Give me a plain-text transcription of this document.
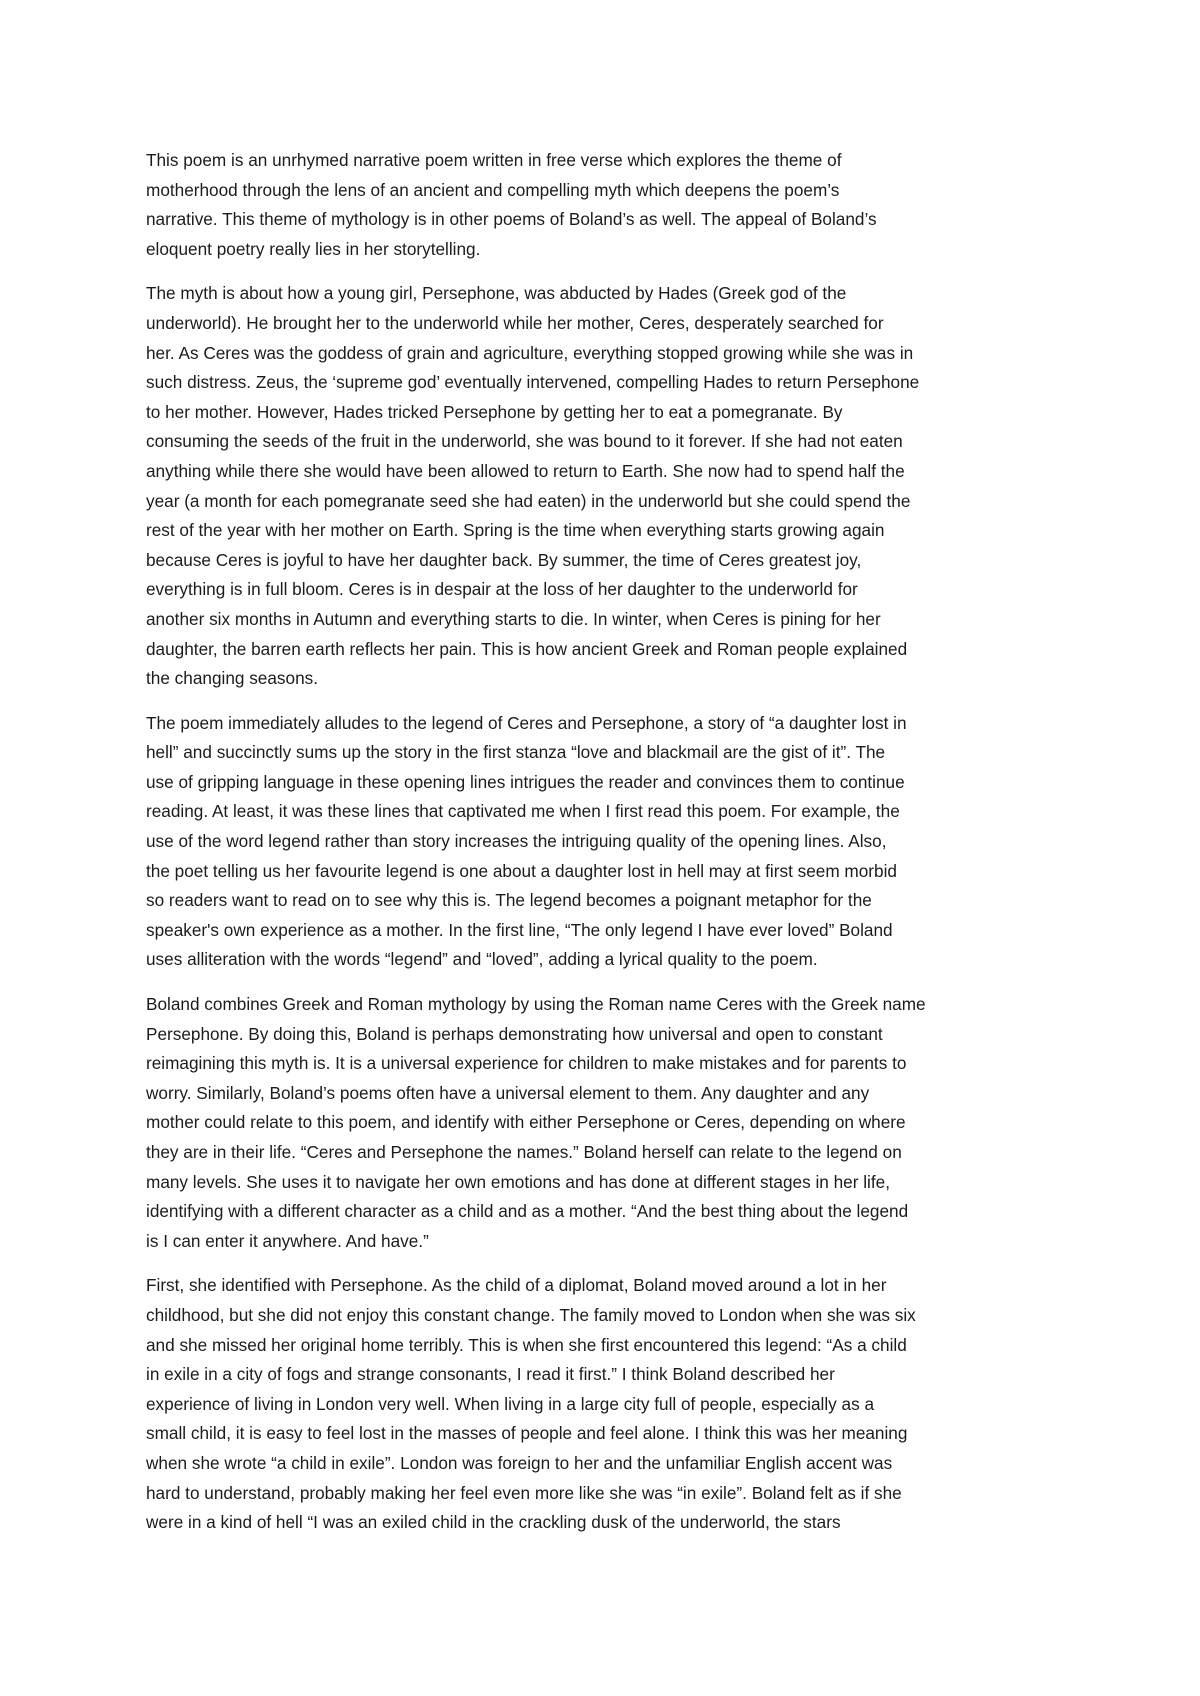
This poem is an unrhymed narrative poem written in free verse which explores the theme of
motherhood through the lens of an ancient and compelling myth which deepens the poem’s
narrative. This theme of mythology is in other poems of Boland’s as well. The appeal of Boland’s
eloquent poetry really lies in her storytelling.
The myth is about how a young girl, Persephone, was abducted by Hades (Greek god of the
underworld). He brought her to the underworld while her mother, Ceres, desperately searched for
her. As Ceres was the goddess of grain and agriculture, everything stopped growing while she was in
such distress. Zeus, the ‘supreme god’ eventually intervened, compelling Hades to return Persephone
to her mother. However, Hades tricked Persephone by getting her to eat a pomegranate. By
consuming the seeds of the fruit in the underworld, she was bound to it forever. If she had not eaten
anything while there she would have been allowed to return to Earth. She now had to spend half the
year (a month for each pomegranate seed she had eaten) in the underworld but she could spend the
rest of the year with her mother on Earth. Spring is the time when everything starts growing again
because Ceres is joyful to have her daughter back. By summer, the time of Ceres greatest joy,
everything is in full bloom. Ceres is in despair at the loss of her daughter to the underworld for
another six months in Autumn and everything starts to die. In winter, when Ceres is pining for her
daughter, the barren earth reflects her pain. This is how ancient Greek and Roman people explained
the changing seasons.
The poem immediately alludes to the legend of Ceres and Persephone, a story of “a daughter lost in
hell” and succinctly sums up the story in the first stanza “love and blackmail are the gist of it”. The
use of gripping language in these opening lines intrigues the reader and convinces them to continue
reading. At least, it was these lines that captivated me when I first read this poem. For example, the
use of the word legend rather than story increases the intriguing quality of the opening lines. Also,
the poet telling us her favourite legend is one about a daughter lost in hell may at first seem morbid
so readers want to read on to see why this is. The legend becomes a poignant metaphor for the
speaker's own experience as a mother. In the first line, “The only legend I have ever loved” Boland
uses alliteration with the words “legend” and “loved”, adding a lyrical quality to the poem.
Boland combines Greek and Roman mythology by using the Roman name Ceres with the Greek name
Persephone. By doing this, Boland is perhaps demonstrating how universal and open to constant
reimagining this myth is. It is a universal experience for children to make mistakes and for parents to
worry. Similarly, Boland’s poems often have a universal element to them. Any daughter and any
mother could relate to this poem, and identify with either Persephone or Ceres, depending on where
they are in their life. “Ceres and Persephone the names.” Boland herself can relate to the legend on
many levels. She uses it to navigate her own emotions and has done at different stages in her life,
identifying with a different character as a child and as a mother. “And the best thing about the legend
is I can enter it anywhere. And have.”
First, she identified with Persephone. As the child of a diplomat, Boland moved around a lot in her
childhood, but she did not enjoy this constant change. The family moved to London when she was six
and she missed her original home terribly. This is when she first encountered this legend: “As a child
in exile in a city of fogs and strange consonants, I read it first.” I think Boland described her
experience of living in London very well. When living in a large city full of people, especially as a
small child, it is easy to feel lost in the masses of people and feel alone. I think this was her meaning
when she wrote “a child in exile”. London was foreign to her and the unfamiliar English accent was
hard to understand, probably making her feel even more like she was “in exile”. Boland felt as if she
were in a kind of hell “I was an exiled child in the crackling dusk of the underworld, the stars
